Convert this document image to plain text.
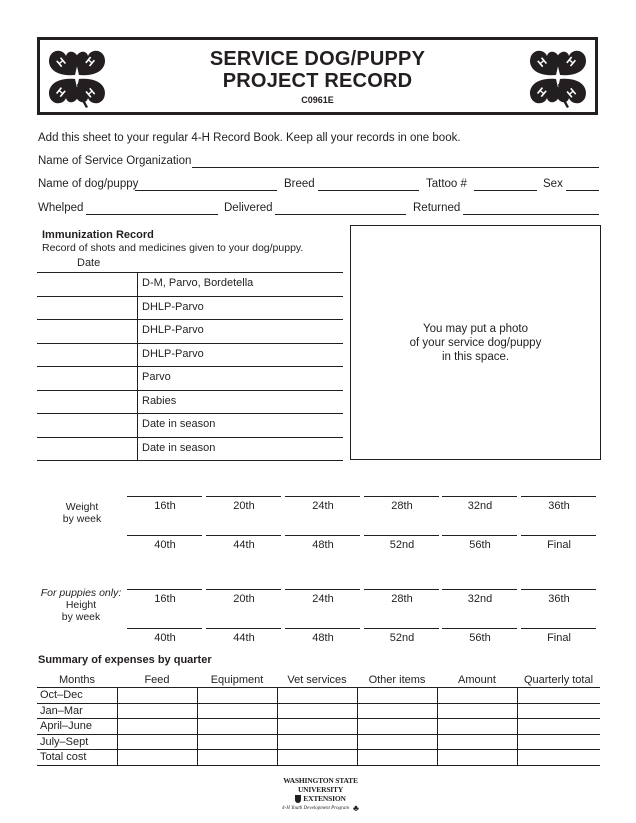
H H
H H
SERVICE DOG/PUPPY
PROJECT RECORD
C0961E
H H
H H
Add this sheet to your regular 4-H Record Book. Keep all your records in one book.
Name of Service Organization
Name of dog/puppy	Breed	Tattoo #	Sex
Whelped	Delivered	Returned
Immunization Record
Record of shots and medicines given to your dog/puppy.
Date
D-M, Parvo, Bordetella
DHLP-Parvo
DHLP-Parvo
DHLP-Parvo
Parvo
Rabies
Date in season
Date in season
You may put a photo
of your service dog/puppy
in this space.
Weight
by week
16th	20th	24th	28th	32nd	36th
40th	44th	48th	52nd	56th	Final
For puppies only:
Height
by week
16th	20th	24th	28th	32nd	36th
40th	44th	48th	52nd	56th	Final
Summary of expenses by quarter
Months	Feed	Equipment	Vet services	Other items	Amount	Quarterly total
Oct–Dec						
Jan–Mar						
April–June						
July–Sept						
Total cost						
WASHINGTON STATE UNIVERSITY
EXTENSION
4-H Youth Development Program ♣
